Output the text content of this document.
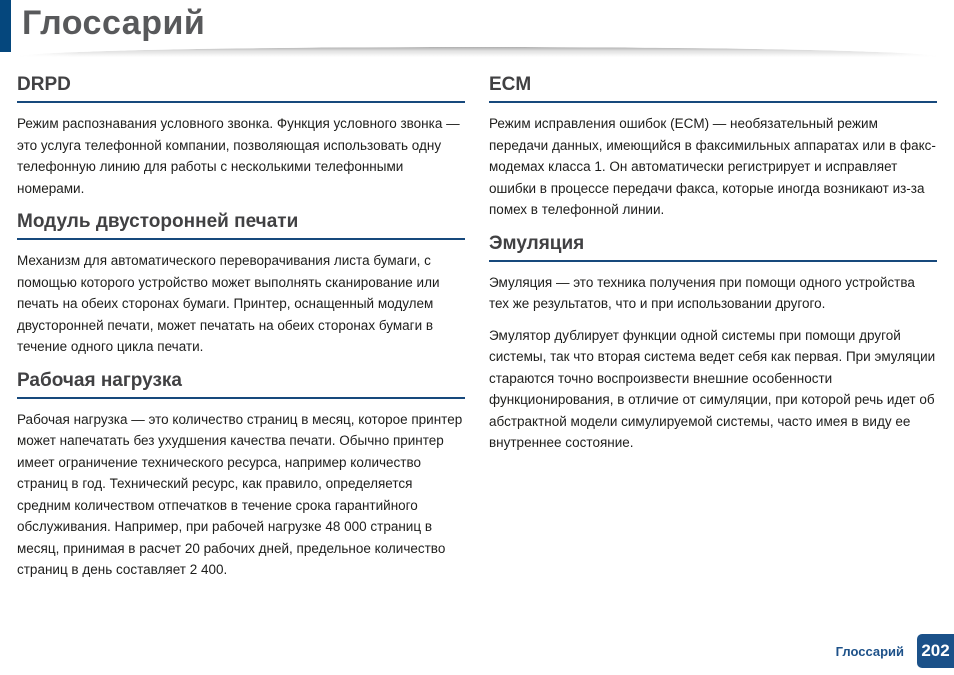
Глоссарий
DRPD

Режим распознавания условного звонка. Функция условного звонка — это услуга телефонной компании, позволяющая использовать одну телефонную линию для работы с несколькими телефонными номерами.

Модуль двусторонней печати

Механизм для автоматического переворачивания листа бумаги, с помощью которого устройство может выполнять сканирование или печать на обеих сторонах бумаги. Принтер, оснащенный модулем двусторонней печати, может печатать на обеих сторонах бумаги в течение одного цикла печати.

Рабочая нагрузка

Рабочая нагрузка — это количество страниц в месяц, которое принтер может напечатать без ухудшения качества печати. Обычно принтер имеет ограничение технического ресурса, например количество страниц в год. Технический ресурс, как правило, определяется средним количеством отпечатков в течение срока гарантийного обслуживания. Например, при рабочей нагрузке 48 000 страниц в месяц, принимая в расчет 20 рабочих дней, предельное количество страниц в день составляет 2 400.

ECM

Режим исправления ошибок (ECM) — необязательный режим передачи данных, имеющийся в факсимильных аппаратах или в факс-модемах класса 1. Он автоматически регистрирует и исправляет ошибки в процессе передачи факса, которые иногда возникают из-за помех в телефонной линии.

Эмуляция

Эмуляция — это техника получения при помощи одного устройства тех же результатов, что и при использовании другого.

Эмулятор дублирует функции одной системы при помощи другой системы, так что вторая система ведет себя как первая. При эмуляции стараются точно воспроизвести внешние особенности функционирования, в отличие от симуляции, при которой речь идет об абстрактной модели симулируемой системы, часто имея в виду ее внутреннее состояние.

Глоссарий 202
